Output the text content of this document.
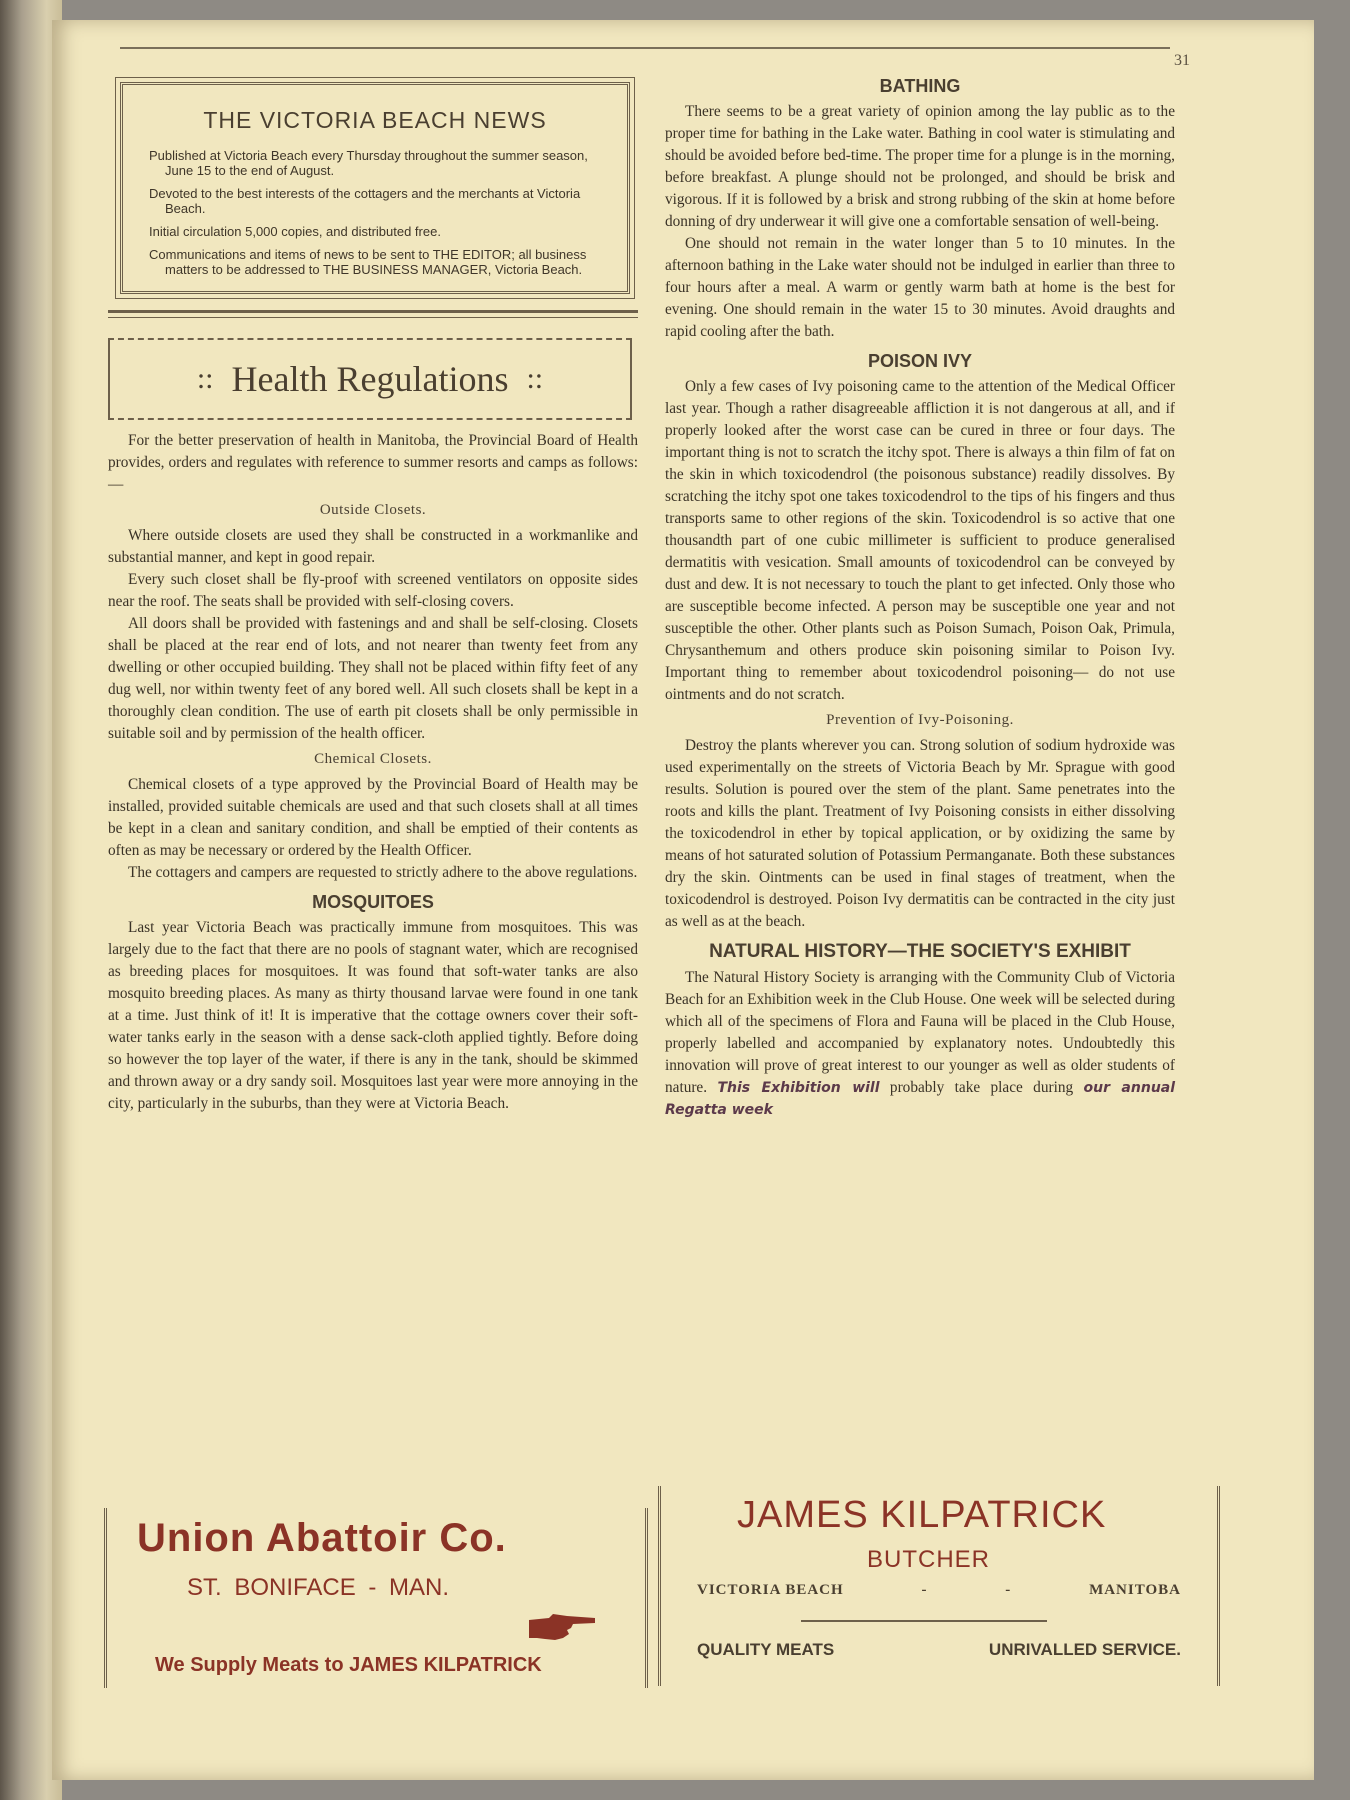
31
THE VICTORIA BEACH NEWS

Published at Victoria Beach every Thursday throughout the summer season, June 15 to the end of August.

Devoted to the best interests of the cottagers and the merchants at Victoria Beach.

Initial circulation 5,000 copies, and distributed free.

Communications and items of news to be sent to THE EDITOR; all business matters to be addressed to THE BUSINESS MANAGER, Victoria Beach.

:: Health Regulations ::

For the better preservation of health in Manitoba, the Provincial Board of Health provides, orders and regulates with reference to summer resorts and camps as follows:—

Outside Closets.

Where outside closets are used they shall be constructed in a workmanlike and substantial manner, and kept in good repair.

Every such closet shall be fly-proof with screened ventilators on opposite sides near the roof. The seats shall be provided with self-closing covers.

All doors shall be provided with fastenings and and shall be self-closing. Closets shall be placed at the rear end of lots, and not nearer than twenty feet from any dwelling or other occupied building. They shall not be placed within fifty feet of any dug well, nor within twenty feet of any bored well. All such closets shall be kept in a thoroughly clean condition. The use of earth pit closets shall be only permissible in suitable soil and by permission of the health officer.

Chemical Closets.

Chemical closets of a type approved by the Provincial Board of Health may be installed, provided suitable chemicals are used and that such closets shall at all times be kept in a clean and sanitary condition, and shall be emptied of their contents as often as may be necessary or ordered by the Health Officer.

The cottagers and campers are requested to strictly adhere to the above regulations.

MOSQUITOES

Last year Victoria Beach was practically immune from mosquitoes. This was largely due to the fact that there are no pools of stagnant water, which are recognised as breeding places for mosquitoes. It was found that soft-water tanks are also mosquito breeding places. As many as thirty thousand larvae were found in one tank at a time. Just think of it! It is imperative that the cottage owners cover their soft-water tanks early in the season with a dense sack-cloth applied tightly. Before doing so however the top layer of the water, if there is any in the tank, should be skimmed and thrown away or a dry sandy soil. Mosquitoes last year were more annoying in the city, particularly in the suburbs, than they were at Victoria Beach.

BATHING

There seems to be a great variety of opinion among the lay public as to the proper time for bathing in the Lake water. Bathing in cool water is stimulating and should be avoided before bed-time. The proper time for a plunge is in the morning, before breakfast. A plunge should not be prolonged, and should be brisk and vigorous. If it is followed by a brisk and strong rubbing of the skin at home before donning of dry underwear it will give one a comfortable sensation of well-being.

One should not remain in the water longer than 5 to 10 minutes. In the afternoon bathing in the Lake water should not be indulged in earlier than three to four hours after a meal. A warm or gently warm bath at home is the best for evening. One should remain in the water 15 to 30 minutes. Avoid draughts and rapid cooling after the bath.

POISON IVY

Only a few cases of Ivy poisoning came to the attention of the Medical Officer last year. Though a rather disagreeable affliction it is not dangerous at all, and if properly looked after the worst case can be cured in three or four days. The important thing is not to scratch the itchy spot. There is always a thin film of fat on the skin in which toxicodendrol (the poisonous substance) readily dissolves. By scratching the itchy spot one takes toxicodendrol to the tips of his fingers and thus transports same to other regions of the skin. Toxicodendrol is so active that one thousandth part of one cubic millimeter is sufficient to produce generalised dermatitis with vesication. Small amounts of toxicodendrol can be conveyed by dust and dew. It is not necessary to touch the plant to get infected. Only those who are susceptible become infected. A person may be susceptible one year and not susceptible the other. Other plants such as Poison Sumach, Poison Oak, Primula, Chrysanthemum and others produce skin poisoning similar to Poison Ivy. Important thing to remember about toxicodendrol poisoning— do not use ointments and do not scratch.

Prevention of Ivy-Poisoning.

Destroy the plants wherever you can. Strong solution of sodium hydroxide was used experimentally on the streets of Victoria Beach by Mr. Sprague with good results. Solution is poured over the stem of the plant. Same penetrates into the roots and kills the plant. Treatment of Ivy Poisoning consists in either dissolving the toxicodendrol in ether by topical application, or by oxidizing the same by means of hot saturated solution of Potassium Permanganate. Both these substances dry the skin. Ointments can be used in final stages of treatment, when the toxicodendrol is destroyed. Poison Ivy dermatitis can be contracted in the city just as well as at the beach.

NATURAL HISTORY—THE SOCIETY'S EXHIBIT

The Natural History Society is arranging with the Community Club of Victoria Beach for an Exhibition week in the Club House. One week will be selected during which all of the specimens of Flora and Fauna will be placed in the Club House, properly labelled and accompanied by explanatory notes. Undoubtedly this innovation will prove of great interest to our younger as well as older students of nature. This Exhibition will probably take place during our annual Regatta week

Union Abattoir Co.
ST. BONIFACE - MAN.
We Supply Meats to JAMES KILPATRICK
JAMES KILPATRICK
BUTCHER
VICTORIA BEACH	-	-	MANITOBA
QUALITY MEATS	UNRIVALLED SERVICE.
